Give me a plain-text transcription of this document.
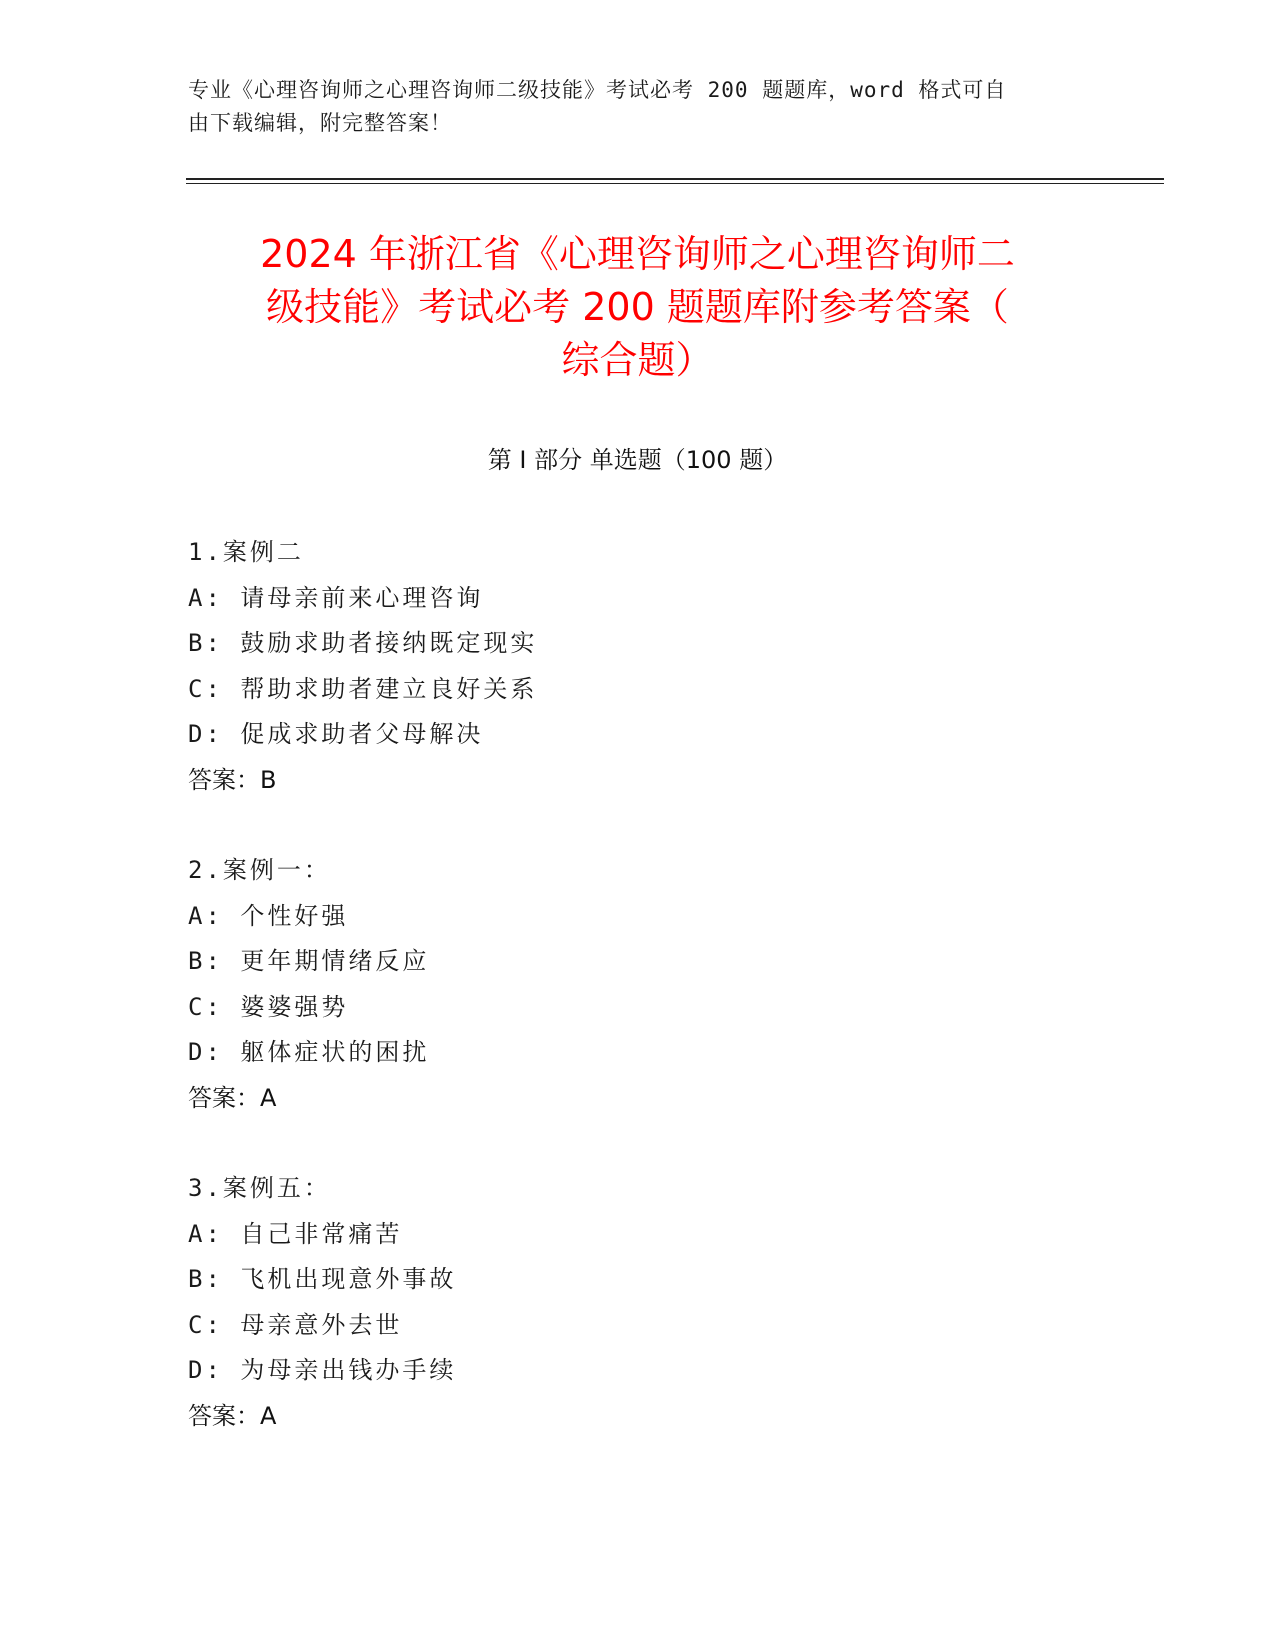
专业《心理咨询师之心理咨询师二级技能》考试必考 200 题题库，word 格式可自
由下载编辑，附完整答案！
2024 年浙江省《心理咨询师之心理咨询师二
级技能》考试必考 200 题题库附参考答案（
综合题）
第 I 部分 单选题（100 题）
1.案例二
A: 请母亲前来心理咨询
B: 鼓励求助者接纳既定现实
C: 帮助求助者建立良好关系
D: 促成求助者父母解决
答案：B
2.案例一：
A: 个性好强
B: 更年期情绪反应
C: 婆婆强势
D: 躯体症状的困扰
答案：A
3.案例五：
A: 自己非常痛苦
B: 飞机出现意外事故
C: 母亲意外去世
D: 为母亲出钱办手续
答案：A
